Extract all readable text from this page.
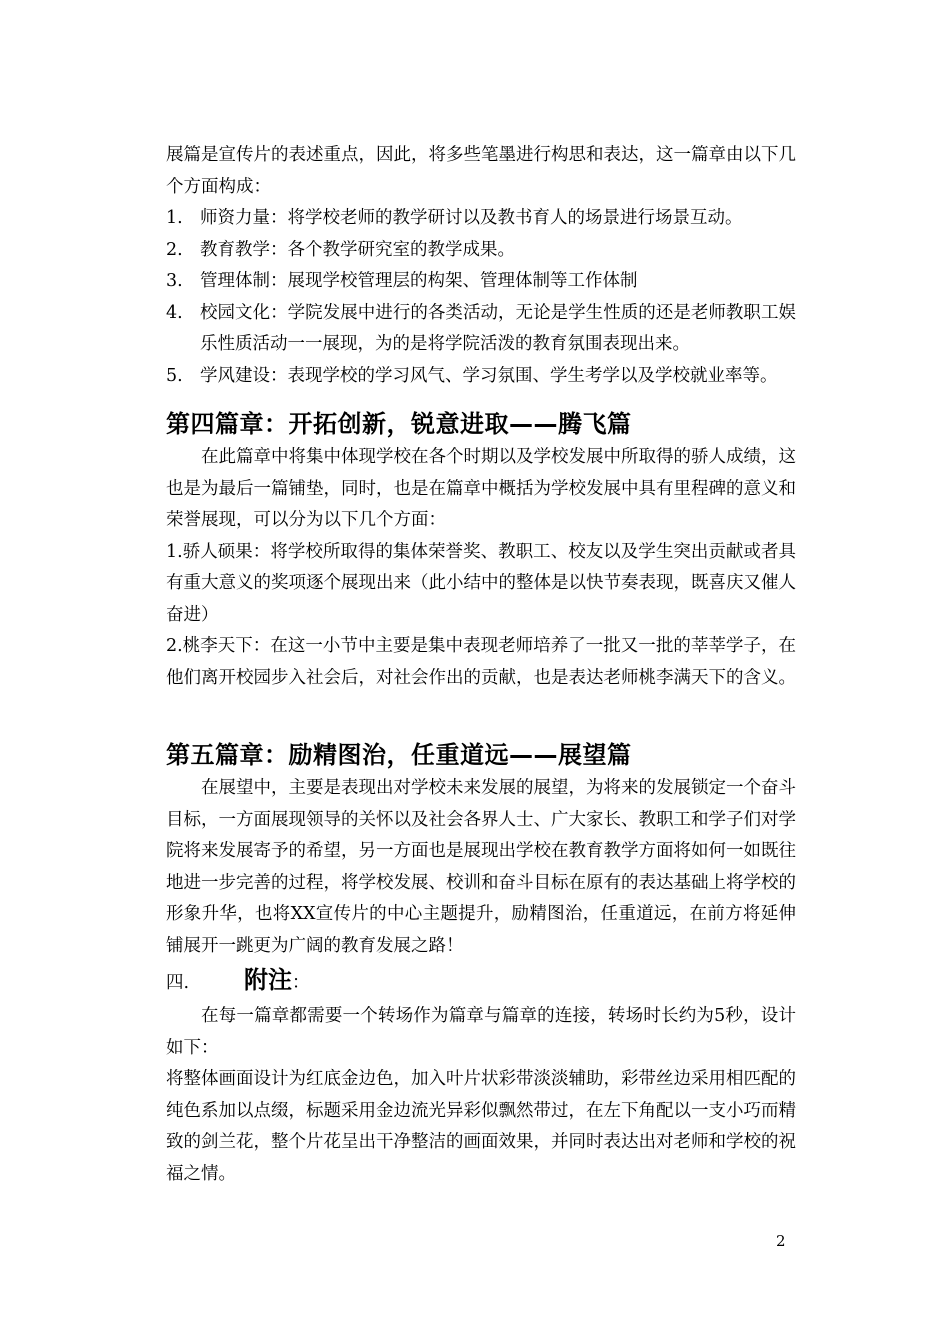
展篇是宣传片的表述重点，因此，将多些笔墨进行构思和表达，这一篇章由以下几个方面构成：

1. 师资力量：将学校老师的教学研讨以及教书育人的场景进行场景互动。
2. 教育教学：各个教学研究室的教学成果。
3. 管理体制：展现学校管理层的构架、管理体制等工作体制
4. 校园文化：学院发展中进行的各类活动，无论是学生性质的还是老师教职工娱乐性质活动一一展现，为的是将学院活泼的教育氛围表现出来。
5. 学风建设：表现学校的学习风气、学习氛围、学生考学以及学校就业率等。
第四篇章：开拓创新，锐意进取——腾飞篇

在此篇章中将集中体现学校在各个时期以及学校发展中所取得的骄人成绩，这也是为最后一篇铺垫，同时，也是在篇章中概括为学校发展中具有里程碑的意义和荣誉展现，可以分为以下几个方面：

1.骄人硕果：将学校所取得的集体荣誉奖、教职工、校友以及学生突出贡献或者具有重大意义的奖项逐个展现出来（此小结中的整体是以快节奏表现，既喜庆又催人奋进）

2.桃李天下：在这一小节中主要是集中表现老师培养了一批又一批的莘莘学子，在他们离开校园步入社会后，对社会作出的贡献，也是表达老师桃李满天下的含义。

第五篇章：励精图治，任重道远——展望篇

在展望中，主要是表现出对学校未来发展的展望，为将来的发展锁定一个奋斗目标，一方面展现领导的关怀以及社会各界人士、广大家长、教职工和学子们对学院将来发展寄予的希望，另一方面也是展现出学校在教育教学方面将如何一如既往地进一步完善的过程，将学校发展、校训和奋斗目标在原有的表达基础上将学校的形象升华，也将XX宣传片的中心主题提升，励精图治，任重道远，在前方将延伸铺展开一跳更为广阔的教育发展之路！

四.	附注 ：

在每一篇章都需要一个转场作为篇章与篇章的连接，转场时长约为5秒，设计如下：

将整体画面设计为红底金边色，加入叶片状彩带淡淡辅助，彩带丝边采用相匹配的纯色系加以点缀，标题采用金边流光异彩似飘然带过，在左下角配以一支小巧而精致的剑兰花，整个片花呈出干净整洁的画面效果，并同时表达出对老师和学校的祝福之情。

2
